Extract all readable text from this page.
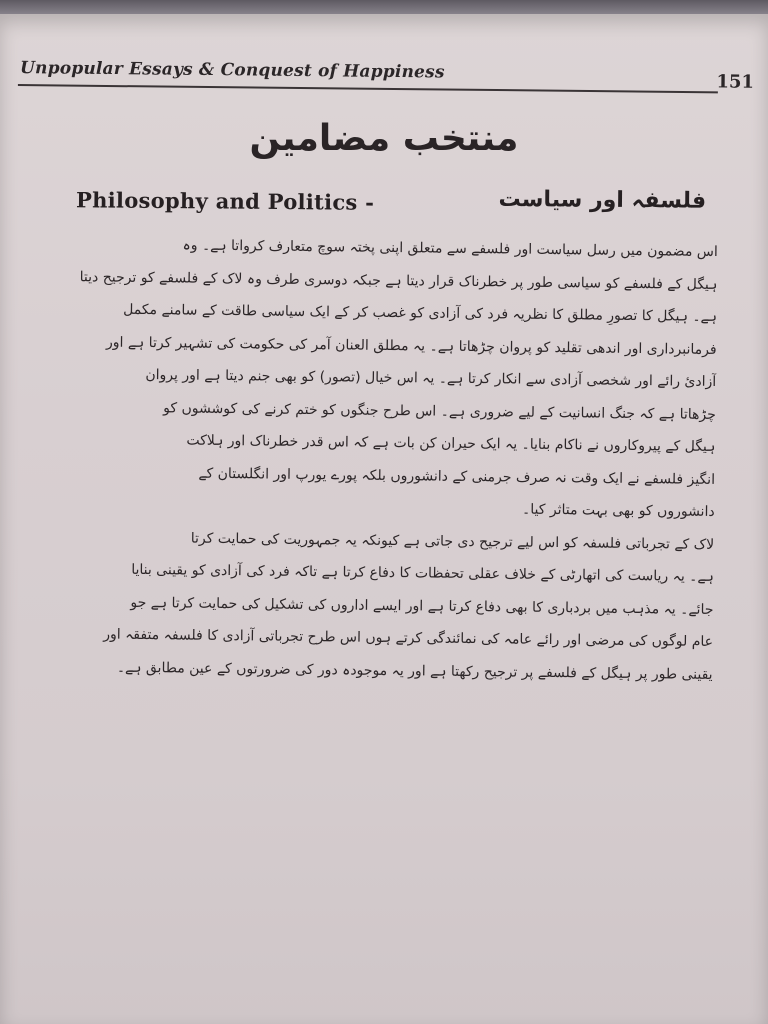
Unpopular Essays & Conquest of Happiness	151
منتخب مضامین
Philosophy and Politics -	فلسفہ اور سیاست
اس مضمون میں رسل سیاست اور فلسفے سے متعلق اپنی پختہ سوچ متعارف کرواتا ہے۔ وہ
ہیگل کے فلسفے کو سیاسی طور پر خطرناک قرار دیتا ہے جبکہ دوسری طرف وہ لاک کے فلسفے کو ترجیح دیتا
ہے۔ ہیگل کا تصورِ مطلق کا نظریہ فرد کی آزادی کو غصب کر کے ایک سیاسی طاقت کے سامنے مکمل
فرمانبرداری اور اندھی تقلید کو پروان چڑھاتا ہے۔ یہ مطلق العنان آمر کی حکومت کی تشہیر کرتا ہے اور
آزادیٔ رائے اور شخصی آزادی سے انکار کرتا ہے۔ یہ اس خیال (تصور) کو بھی جنم دیتا ہے اور پروان
چڑھاتا ہے کہ جنگ انسانیت کے لیے ضروری ہے۔ اس طرح جنگوں کو ختم کرنے کی کوششوں کو
ہیگل کے پیروکاروں نے ناکام بنایا۔ یہ ایک حیران کن بات ہے کہ اس قدر خطرناک اور ہلاکت
انگیز فلسفے نے ایک وقت نہ صرف جرمنی کے دانشوروں بلکہ پورے یورپ اور انگلستان کے
دانشوروں کو بھی بہت متاثر کیا۔
لاک کے تجرباتی فلسفہ کو اس لیے ترجیح دی جاتی ہے کیونکہ یہ جمہوریت کی حمایت کرتا
ہے۔ یہ ریاست کی اتھارٹی کے خلاف عقلی تحفظات کا دفاع کرتا ہے تاکہ فرد کی آزادی کو یقینی بنایا
جائے۔ یہ مذہب میں بردباری کا بھی دفاع کرتا ہے اور ایسے اداروں کی تشکیل کی حمایت کرتا ہے جو
عام لوگوں کی مرضی اور رائے عامہ کی نمائندگی کرتے ہوں اس طرح تجرباتی آزادی کا فلسفہ متفقہ اور
یقینی طور پر ہیگل کے فلسفے پر ترجیح رکھتا ہے اور یہ موجودہ دور کی ضرورتوں کے عین مطابق ہے۔
